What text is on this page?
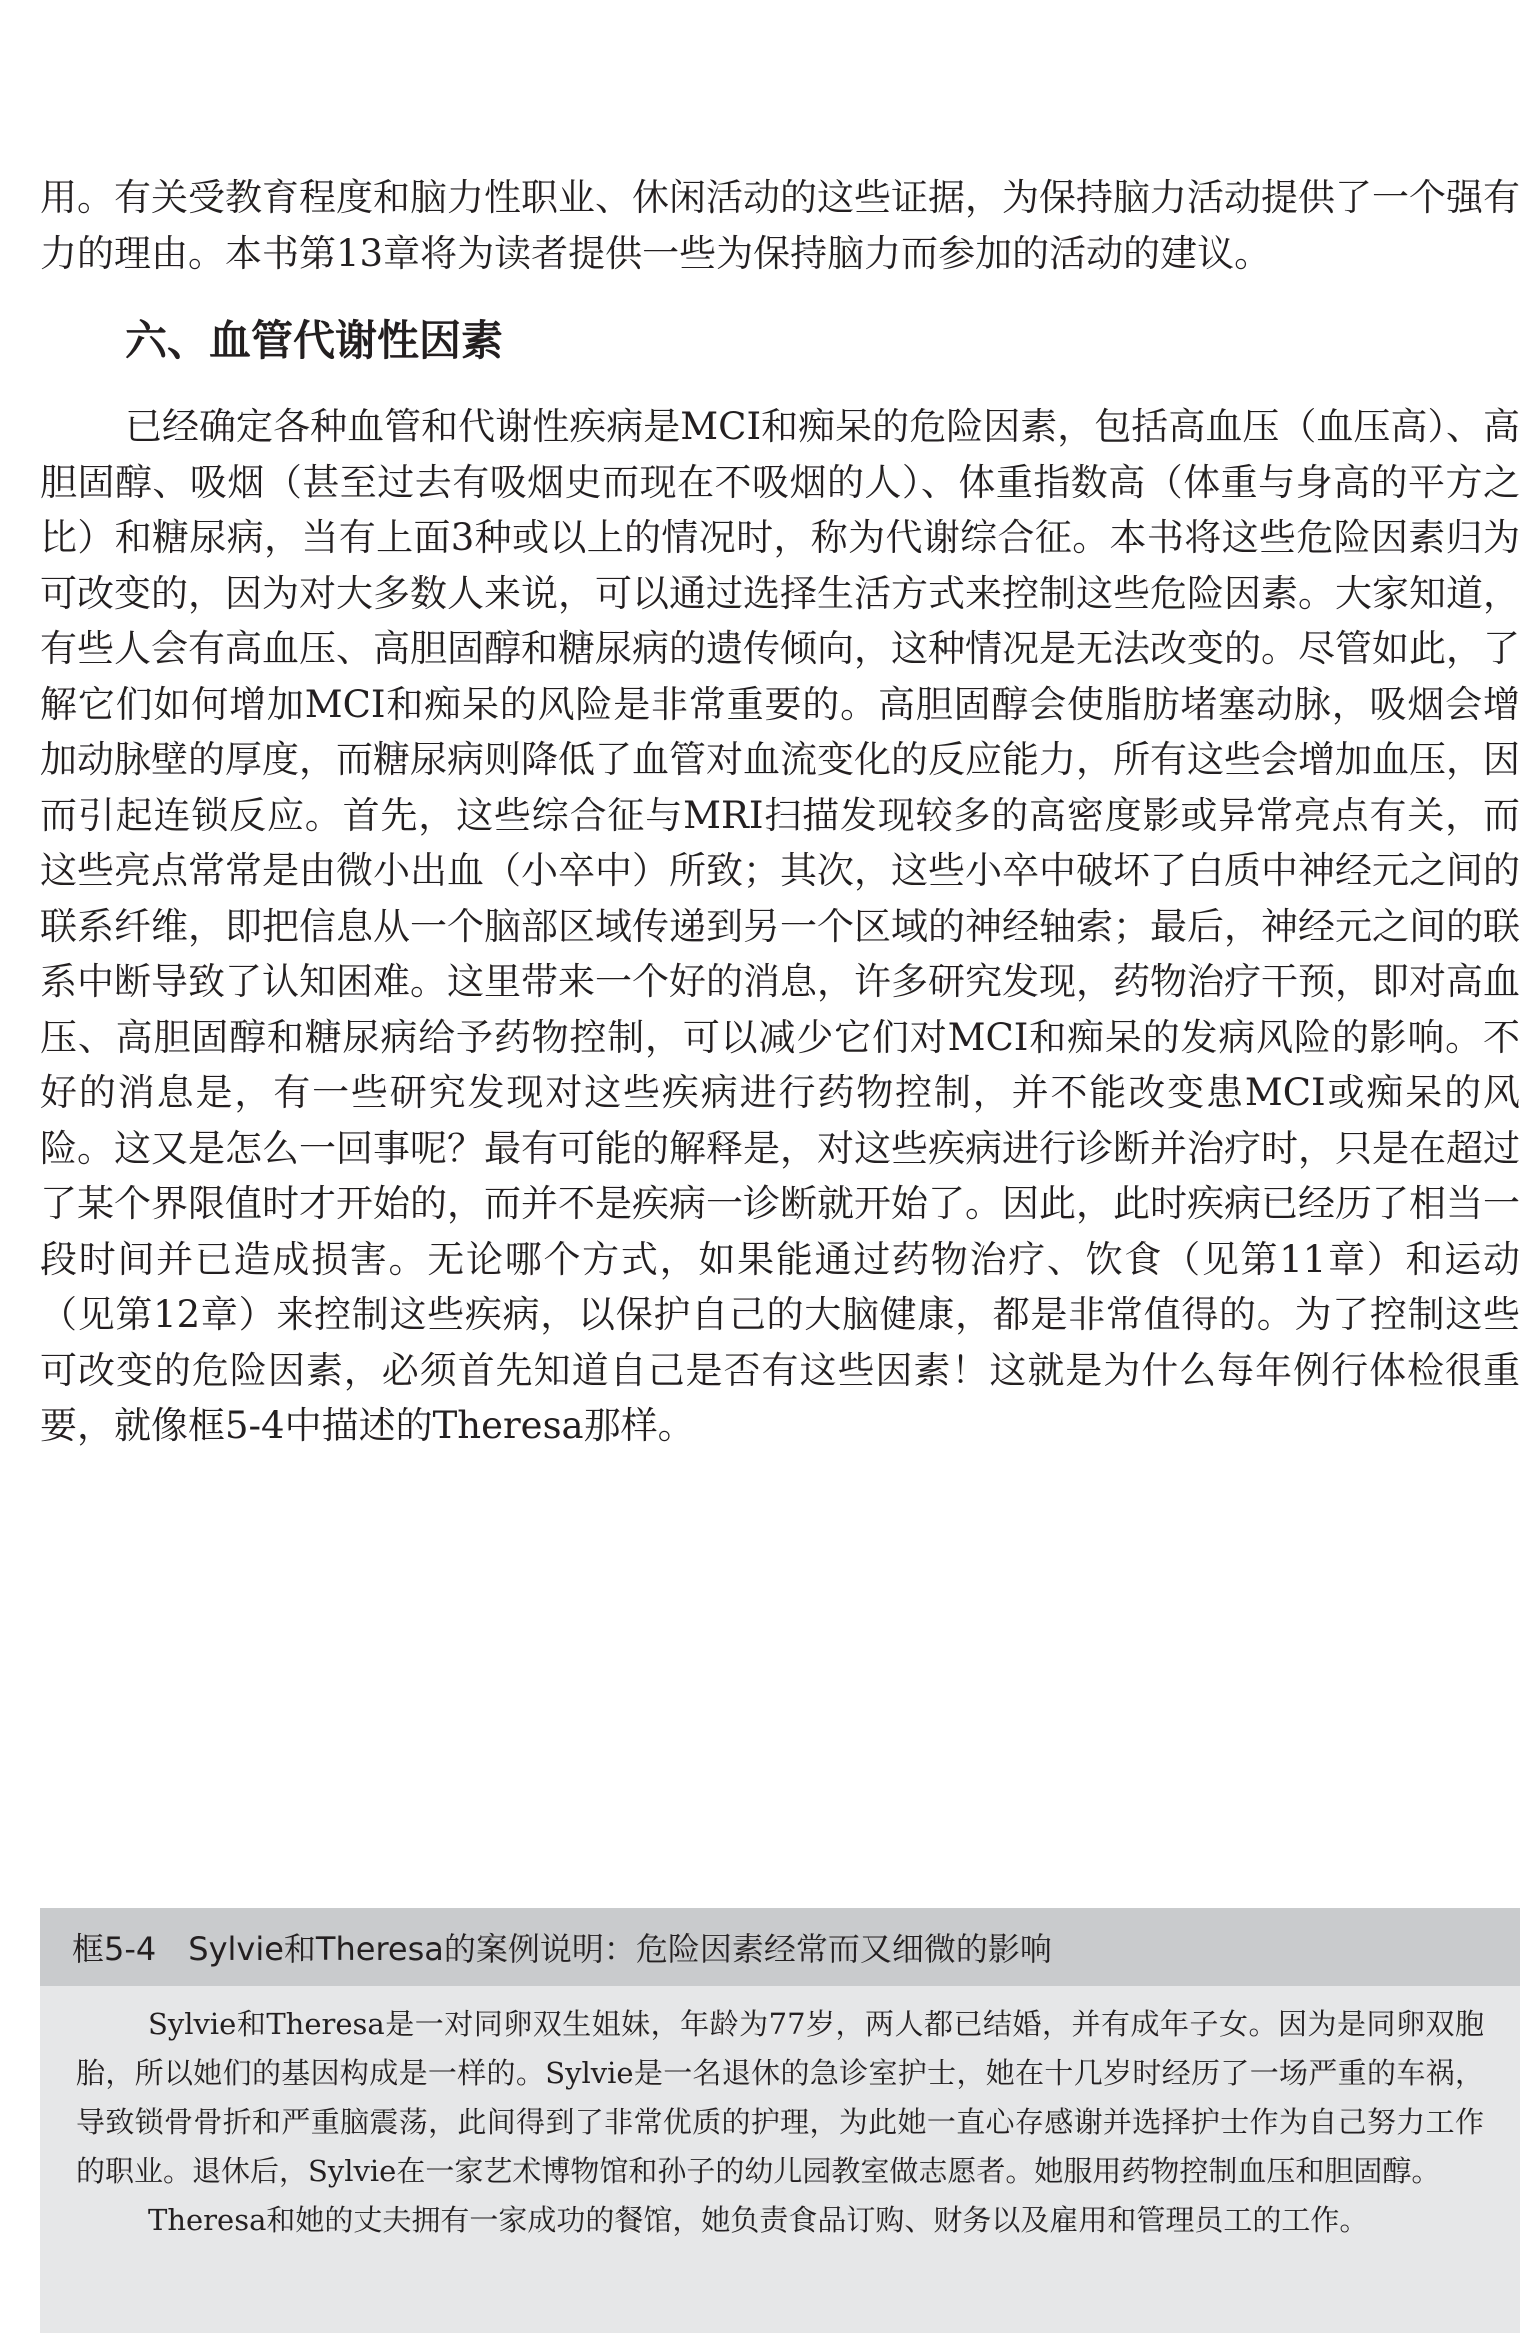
用。有关受教育程度和脑力性职业、休闲活动的这些证据，为保持脑力活动提供了一个强有力的理由。本书第13章将为读者提供一些为保持脑力而参加的活动的建议。

六、血管代谢性因素

已经确定各种血管和代谢性疾病是MCI和痴呆的危险因素，包括高血压（血压高）、高胆固醇、吸烟（甚至过去有吸烟史而现在不吸烟的人）、体重指数高（体重与身高的平方之比）和糖尿病，当有上面3种或以上的情况时，称为代谢综合征。本书将这些危险因素归为可改变的，因为对大多数人来说，可以通过选择生活方式来控制这些危险因素。大家知道，有些人会有高血压、高胆固醇和糖尿病的遗传倾向，这种情况是无法改变的。尽管如此，了解它们如何增加MCI和痴呆的风险是非常重要的。高胆固醇会使脂肪堵塞动脉，吸烟会增加动脉壁的厚度，而糖尿病则降低了血管对血流变化的反应能力，所有这些会增加血压，因而引起连锁反应。首先，这些综合征与MRI扫描发现较多的高密度影或异常亮点有关，而这些亮点常常是由微小出血（小卒中）所致；其次，这些小卒中破坏了白质中神经元之间的联系纤维，即把信息从一个脑部区域传递到另一个区域的神经轴索；最后，神经元之间的联系中断导致了认知困难。这里带来一个好的消息，许多研究发现，药物治疗干预，即对高血压、高胆固醇和糖尿病给予药物控制，可以减少它们对MCI和痴呆的发病风险的影响。不好的消息是，有一些研究发现对这些疾病进行药物控制，并不能改变患MCI或痴呆的风险。这又是怎么一回事呢？最有可能的解释是，对这些疾病进行诊断并治疗时，只是在超过了某个界限值时才开始的，而并不是疾病一诊断就开始了。因此，此时疾病已经历了相当一段时间并已造成损害。无论哪个方式，如果能通过药物治疗、饮食（见第11章）和运动（见第12章）来控制这些疾病，以保护自己的大脑健康，都是非常值得的。为了控制这些可改变的危险因素，必须首先知道自己是否有这些因素！这就是为什么每年例行体检很重要，就像框5-4中描述的Theresa那样。

框5-4　Sylvie和Theresa的案例说明：危险因素经常而又细微的影响

Sylvie和Theresa是一对同卵双生姐妹，年龄为77岁，两人都已结婚，并有成年子女。因为是同卵双胞胎，所以她们的基因构成是一样的。Sylvie是一名退休的急诊室护士，她在十几岁时经历了一场严重的车祸，导致锁骨骨折和严重脑震荡，此间得到了非常优质的护理，为此她一直心存感谢并选择护士作为自己努力工作的职业。退休后，Sylvie在一家艺术博物馆和孙子的幼儿园教室做志愿者。她服用药物控制血压和胆固醇。

Theresa和她的丈夫拥有一家成功的餐馆，她负责食品订购、财务以及雇用和管理员工的工作。
